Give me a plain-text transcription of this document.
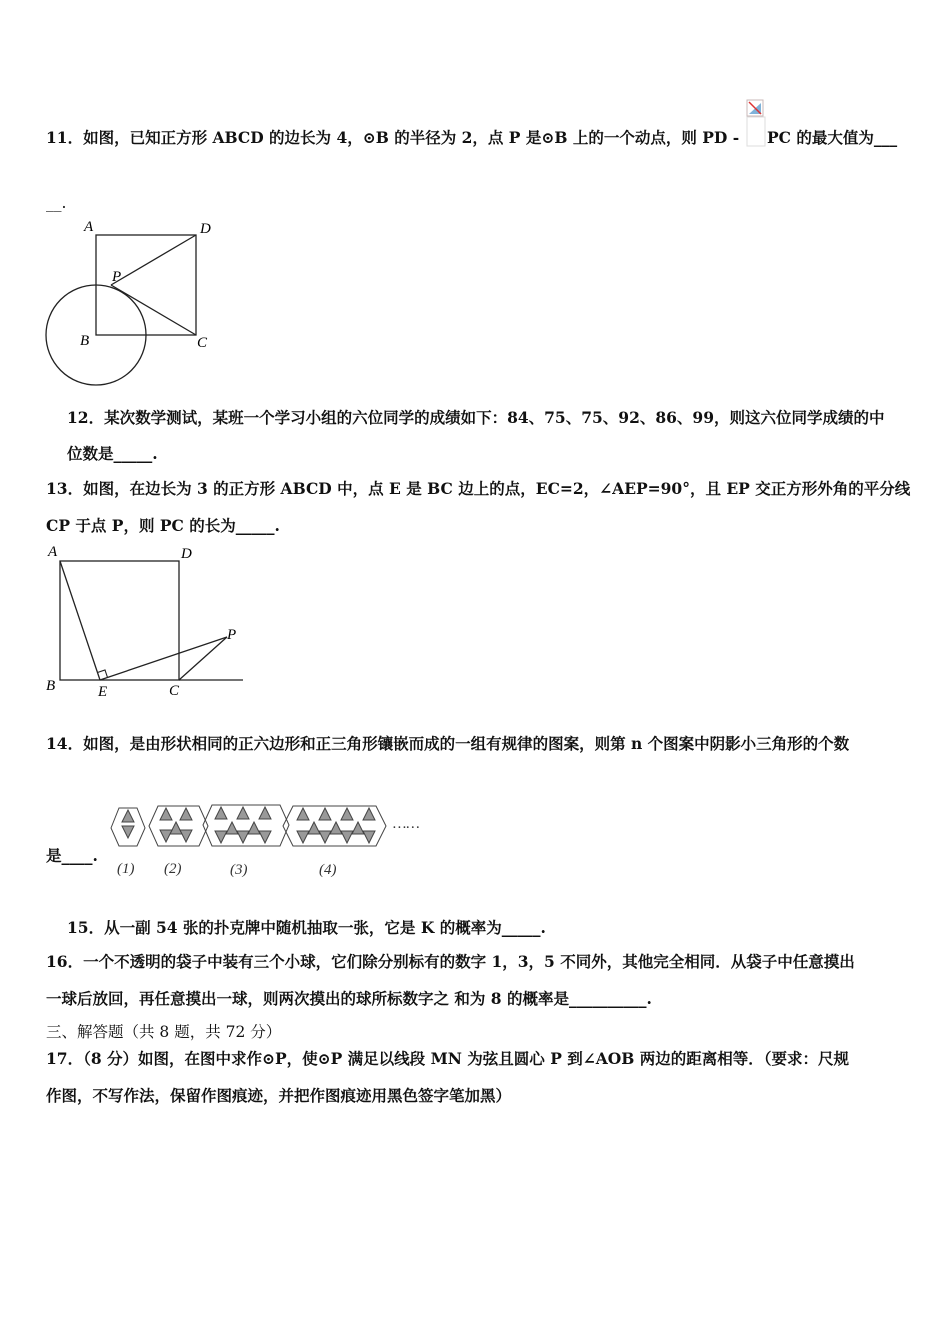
11．如图，已知正方形 ABCD 的边长为 4，⊙B 的半径为 2，点 P 是⊙B 上的一个动点，则 PD - PC 的最大值为___
__.
A	D
P
B	C
12．某次数学测试，某班一个学习小组的六位同学的成绩如下：84、75、75、92、86、99，则这六位同学成绩的中
位数是_____.
13．如图，在边长为 3 的正方形 ABCD 中，点 E 是 BC 边上的点，EC=2，∠AEP=90°，且 EP 交正方形外角的平分线
CP 于点 P，则 PC 的长为_____.
A	D
P
B	E	C
14．如图，是由形状相同的正六边形和正三角形镶嵌而成的一组有规律的图案，则第 n 个图案中阴影小三角形的个数
是____.
……
(1) (2)	(3)	(4)
15．从一副 54 张的扑克牌中随机抽取一张，它是 K 的概率为_____.
16．一个不透明的袋子中装有三个小球，它们除分别标有的数字 1，3，5 不同外，其他完全相同．从袋子中任意摸出
一球后放回，再任意摸出一球，则两次摸出的球所标数字之 和为 8 的概率是__________.
三、解答题（共 8 题，共 72 分）
17．（8 分）如图，在图中求作⊙P，使⊙P 满足以线段 MN 为弦且圆心 P 到∠AOB 两边的距离相等．（要求：尺规
作图，不写作法，保留作图痕迹，并把作图痕迹用黑色签字笔加黑）
